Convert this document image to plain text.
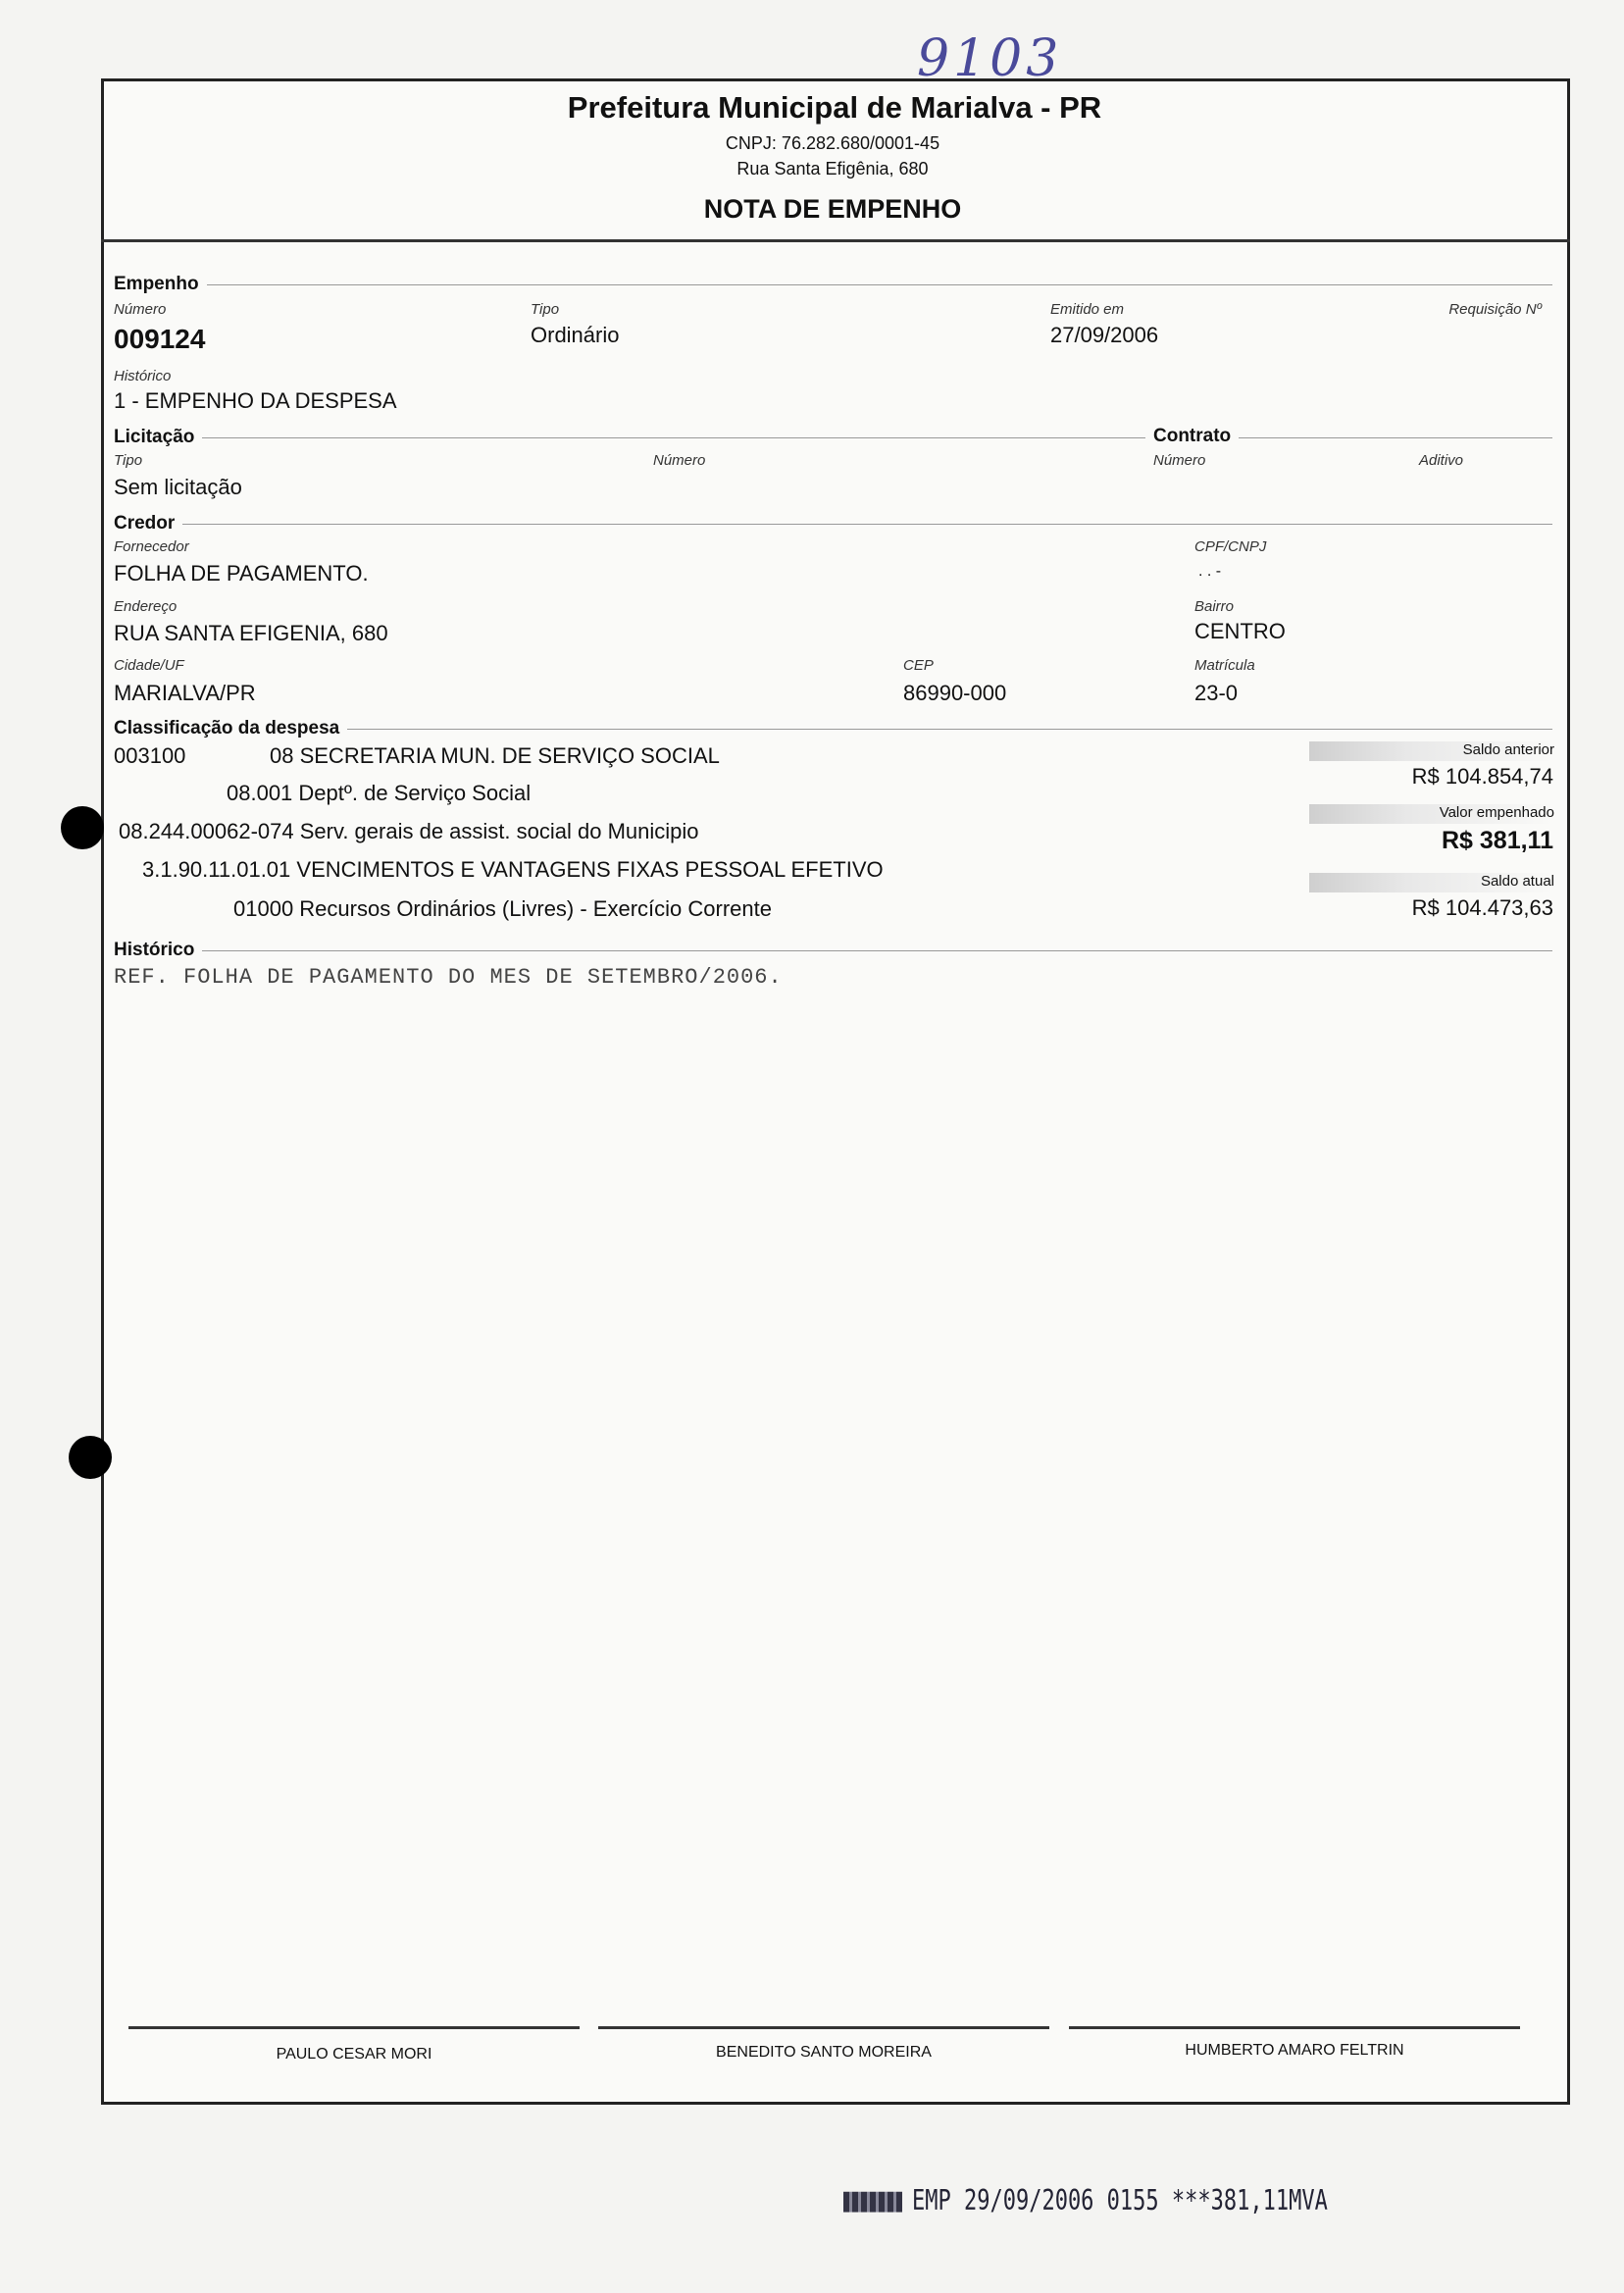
9103
Prefeitura Municipal de Marialva - PR
CNPJ: 76.282.680/0001-45
Rua Santa Efigênia, 680
NOTA DE EMPENHO
Empenho
Número
009124
Tipo
Ordinário
Emitido em
27/09/2006
Requisição Nº
Histórico
1 - EMPENHO DA DESPESA
Licitação	Contrato
Tipo
Sem licitação
Número	Número	Aditivo
Credor
Fornecedor
FOLHA DE PAGAMENTO.
CPF/CNPJ
. . -
Endereço
RUA SANTA EFIGENIA, 680
Bairro
CENTRO
Cidade/UF
MARIALVA/PR
CEP
86990-000
Matrícula
23-0
Classificação da despesa
003100	08 SECRETARIA MUN. DE SERVIÇO SOCIAL
08.001 Deptº. de Serviço Social
08.244.00062-074 Serv. gerais de assist. social do Municipio
3.1.90.11.01.01 VENCIMENTOS E VANTAGENS FIXAS PESSOAL EFETIVO
01000 Recursos Ordinários (Livres) - Exercício Corrente
Saldo anterior
R$ 104.854,74
Valor empenhado
R$ 381,11
Saldo atual
R$ 104.473,63
Histórico
REF. FOLHA DE PAGAMENTO DO MES DE SETEMBRO/2006.
PAULO CESAR MORI	BENEDITO SANTO MOREIRA	HUMBERTO AMARO FELTRIN
EMP 29/09/2006 0155 ***381,11MVA
